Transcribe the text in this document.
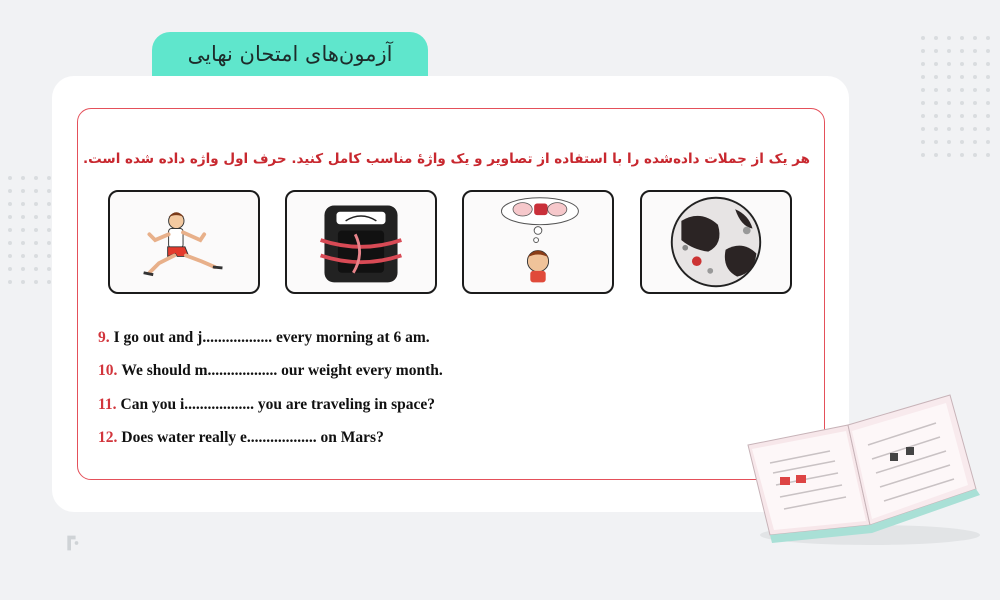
آزمون‌های امتحان نهایی
هر یک از جملات داده‌شده را با استفاده از تصاویر و یک واژهٔ مناسب کامل کنید. حرف اول واژه داده شده است.
9. I go out and j.................. every morning at 6 am.
10. We should m.................. our weight every month.
11. Can you i.................. you are traveling in space?
12. Does water really e.................. on Mars?
